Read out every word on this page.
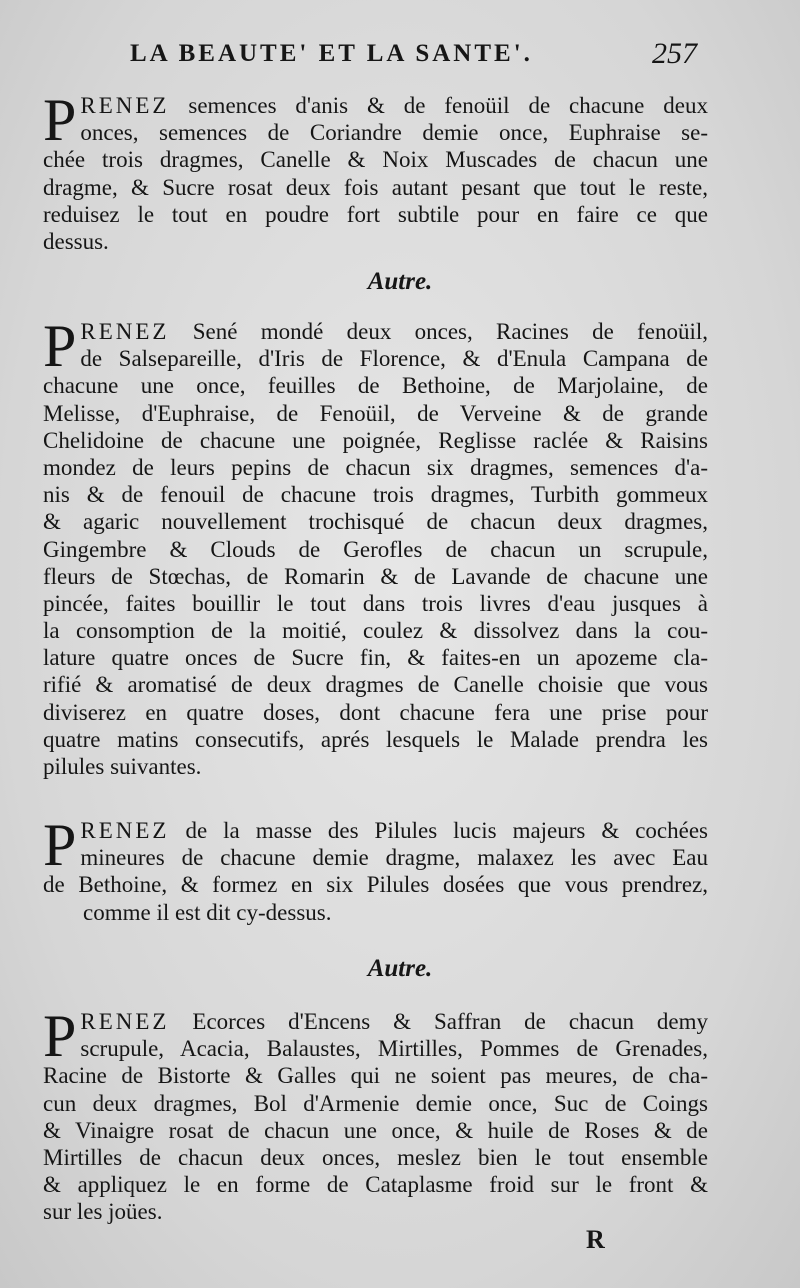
LA BEAUTE' ET LA SANTE'.	257
P RENEZ semences d'anis & de fenoüil de chacune deux
onces, semences de Coriandre demie once, Euphraise se-
chée trois dragmes, Canelle & Noix Muscades de chacun une
dragme, & Sucre rosat deux fois autant pesant que tout le reste,
reduisez le tout en poudre fort subtile pour en faire ce que
dessus.
Autre.
P RENEZ Sené mondé deux onces, Racines de fenoüil,
de Salsepareille, d'Iris de Florence, & d'Enula Campana de
chacune une once, feuilles de Bethoine, de Marjolaine, de
Melisse, d'Euphraise, de Fenoüil, de Verveine & de grande
Chelidoine de chacune une poignée, Reglisse raclée & Raisins
mondez de leurs pepins de chacun six dragmes, semences d'a-
nis & de fenouil de chacune trois dragmes, Turbith gommeux
& agaric nouvellement trochisqué de chacun deux dragmes,
Gingembre & Clouds de Gerofles de chacun un scrupule,
fleurs de Stœchas, de Romarin & de Lavande de chacune une
pincée, faites bouillir le tout dans trois livres d'eau jusques à
la consomption de la moitié, coulez & dissolvez dans la cou-
lature quatre onces de Sucre fin, & faites-en un apozeme cla-
rifié & aromatisé de deux dragmes de Canelle choisie que vous
diviserez en quatre doses, dont chacune fera une prise pour
quatre matins consecutifs, aprés lesquels le Malade prendra les
pilules suivantes.
P RENEZ de la masse des Pilules lucis majeurs & cochées
mineures de chacune demie dragme, malaxez les avec Eau
de Bethoine, & formez en six Pilules dosées que vous prendrez,
comme il est dit cy-dessus.
Autre.
P RENEZ Ecorces d'Encens & Saffran de chacun demy
scrupule, Acacia, Balaustes, Mirtilles, Pommes de Grenades,
Racine de Bistorte & Galles qui ne soient pas meures, de cha-
cun deux dragmes, Bol d'Armenie demie once, Suc de Coings
& Vinaigre rosat de chacun une once, & huile de Roses & de
Mirtilles de chacun deux onces, meslez bien le tout ensemble
& appliquez le en forme de Cataplasme froid sur le front &
sur les joües.
R
